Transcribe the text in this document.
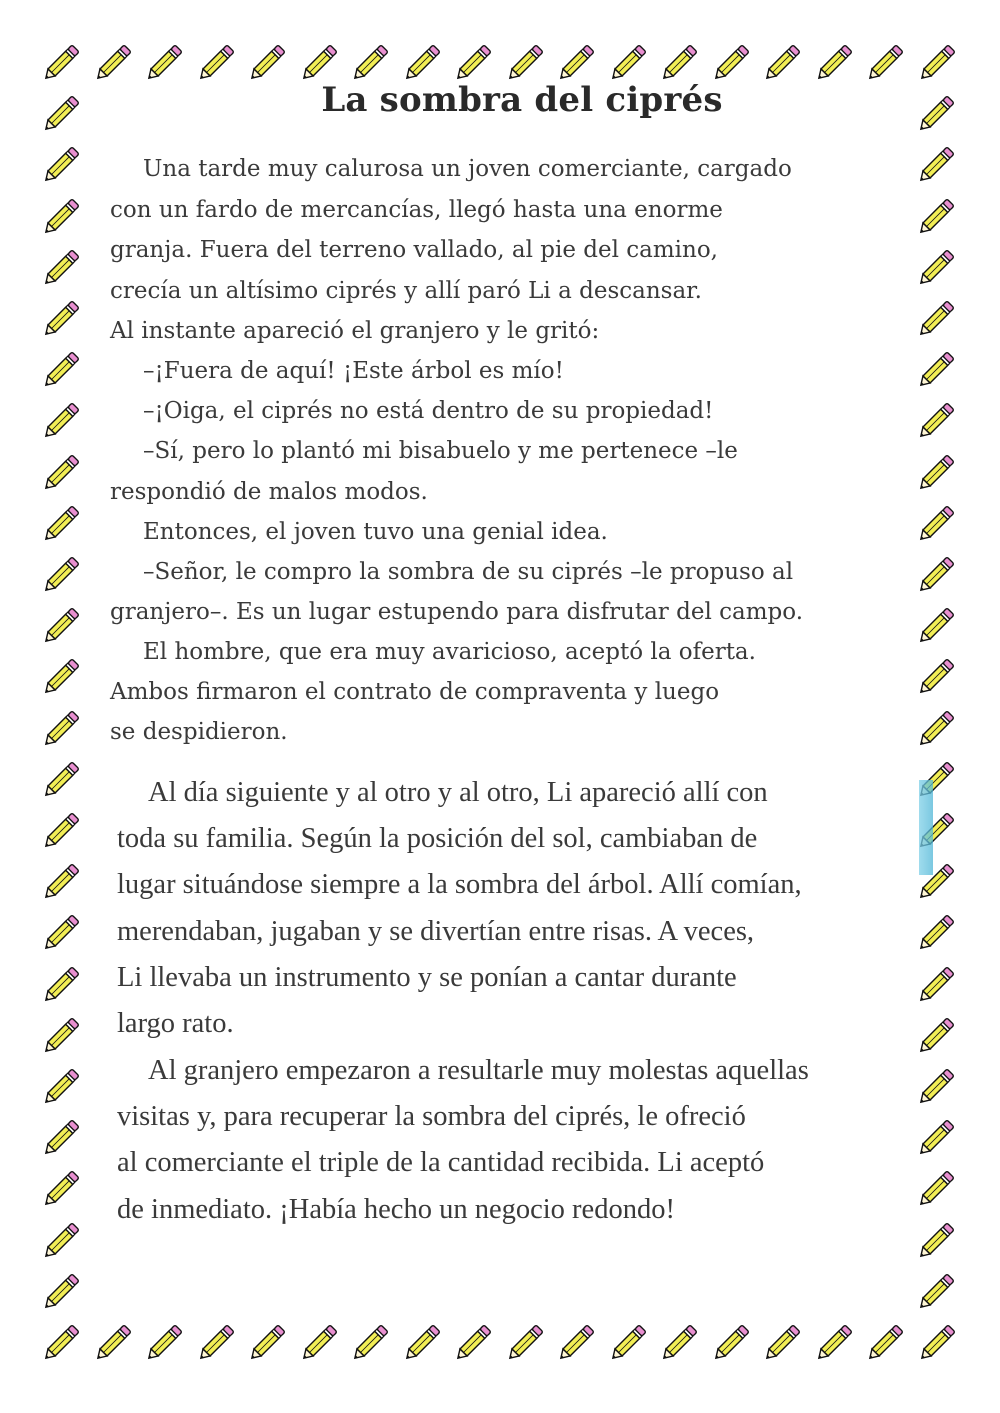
La sombra del ciprés
Una tarde muy calurosa un joven comerciante, cargado
con un fardo de mercancías, llegó hasta una enorme
granja. Fuera del terreno vallado, al pie del camino,
crecía un altísimo ciprés y allí paró Li a descansar.
Al instante apareció el granjero y le gritó:
–¡Fuera de aquí! ¡Este árbol es mío!
–¡Oiga, el ciprés no está dentro de su propiedad!
–Sí, pero lo plantó mi bisabuelo y me pertenece –le
respondió de malos modos.
Entonces, el joven tuvo una genial idea.
–Señor, le compro la sombra de su ciprés –le propuso al
granjero–. Es un lugar estupendo para disfrutar del campo.
El hombre, que era muy avaricioso, aceptó la oferta.
Ambos firmaron el contrato de compraventa y luego
se despidieron.
Al día siguiente y al otro y al otro, Li apareció allí con
toda su familia. Según la posición del sol, cambiaban de
lugar situándose siempre a la sombra del árbol. Allí comían,
merendaban, jugaban y se divertían entre risas. A veces,
Li llevaba un instrumento y se ponían a cantar durante
largo rato.
Al granjero empezaron a resultarle muy molestas aquellas
visitas y, para recuperar la sombra del ciprés, le ofreció
al comerciante el triple de la cantidad recibida. Li aceptó
de inmediato. ¡Había hecho un negocio redondo!
